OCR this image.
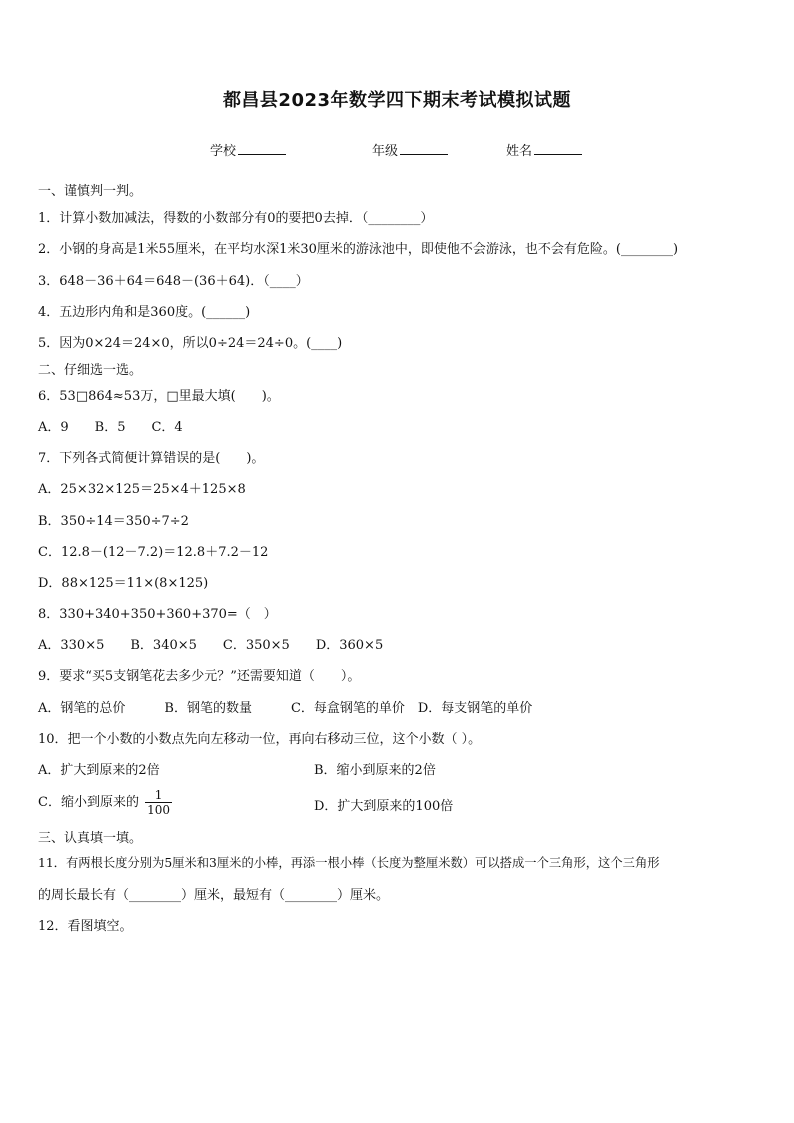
都昌县2023年数学四下期末考试模拟试题
学校	年级	姓名
一、谨慎判一判。
1．计算小数加减法，得数的小数部分有0的要把0去掉．（________）
2．小钢的身高是1米55厘米，在平均水深1米30厘米的游泳池中，即使他不会游泳，也不会有危险。(________)
3．648－36＋64＝648－(36＋64)．（____）
4．五边形内角和是360度。(______)
5．因为0×24＝24×0，所以0÷24＝24÷0。(____)
二、仔细选一选。
6．53□864≈53万，□里最大填(　　)。
A．9　　B．5　　C．4
7．下列各式简便计算错误的是(　　)。
A．25×32×125＝25×4＋125×8
B．350÷14＝350÷7÷2
C．12.8－(12－7.2)＝12.8＋7.2－12
D．88×125＝11×(8×125)
8．330+340+350+360+370=（　）
A．330×5　　B．340×5　　C．350×5　　D．360×5
9．要求“买5支钢笔花去多少元？”还需要知道（　　）。
A．钢笔的总价　　　B．钢笔的数量　　　C．每盒钢笔的单价　D．每支钢笔的单价
10．把一个小数的小数点先向左移动一位，再向右移动三位，这个小数（ ）。
A．扩大到原来的2倍	B．缩小到原来的2倍
C．缩小到原来的 $\frac{1}{100}$	D．扩大到原来的100倍
三、认真填一填。
11．有两根长度分别为5厘米和3厘米的小棒，再添一根小棒（长度为整厘米数）可以搭成一个三角形，这个三角形
的周长最长有（________）厘米，最短有（________）厘米。
12．看图填空。
